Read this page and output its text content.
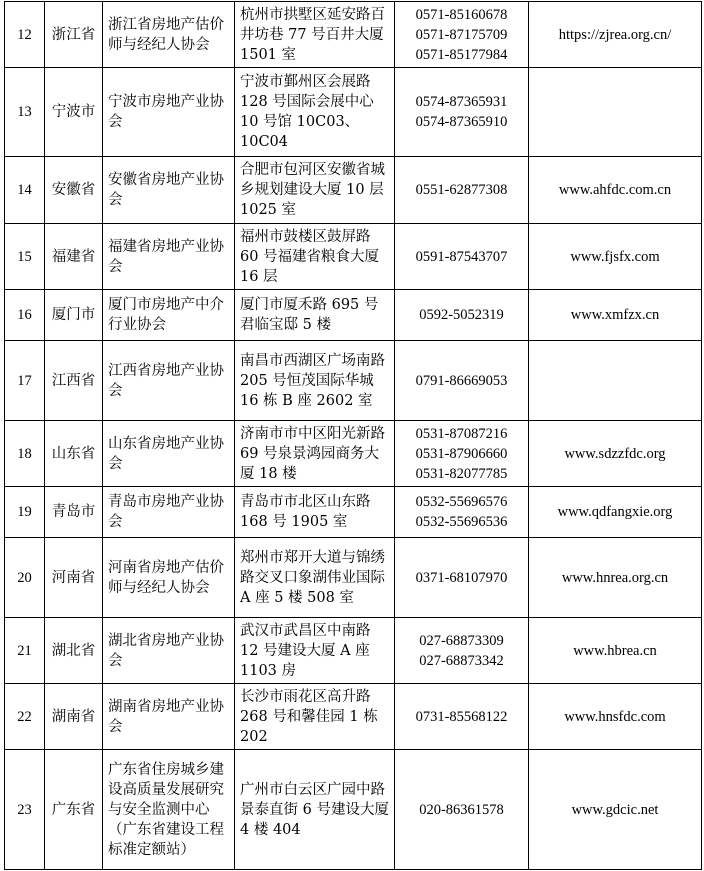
12	浙江省	浙江省房地产估价师与经纪人协会	杭州市拱墅区延安路百井坊巷 77 号百井大厦 1501 室	0571-85160678
0571-87175709
0571-85177984	https://zjrea.org.cn/
13	宁波市	宁波市房地产业协会	宁波市鄞州区会展路 128 号国际会展中心 10 号馆 10C03、10C04	0574-87365931
0574-87365910	

14	安徽省	安徽省房地产业协会	合肥市包河区安徽省城乡规划建设大厦 10 层 1025 室	0551-62877308	www.ahfdc.com.cn
15	福建省	福建省房地产业协会	福州市鼓楼区鼓屏路 60 号福建省粮食大厦 16 层	0591-87543707	www.fjsfx.com
16	厦门市	厦门市房地产中介行业协会	厦门市厦禾路 695 号君临宝邸 5 楼	0592-5052319	www.xmfzx.cn
17	江西省	江西省房地产业协会	南昌市西湖区广场南路 205 号恒茂国际华城 16 栋 B 座 2602 室	0791-86669053	

18	山东省	山东省房地产业协会	济南市市中区阳光新路 69 号泉景鸿园商务大厦 18 楼	0531-87087216
0531-87906660
0531-82077785	www.sdzzfdc.org
19	青岛市	青岛市房地产业协会	青岛市市北区山东路 168 号 1905 室	0532-55696576
0532-55696536	www.qdfangxie.org
20	河南省	河南省房地产估价师与经纪人协会	郑州市郑开大道与锦绣路交叉口象湖伟业国际 A 座 5 楼 508 室	0371-68107970	www.hnrea.org.cn
21	湖北省	湖北省房地产业协会	武汉市武昌区中南路 12 号建设大厦 A 座 1103 房	027-68873309
027-68873342	www.hbrea.cn
22	湖南省	湖南省房地产业协会	长沙市雨花区高升路 268 号和馨佳园 1 栋 202	0731-85568122	www.hnsfdc.com
23	广东省	广东省住房城乡建设高质量发展研究与安全监测中心（广东省建设工程标准定额站）	广州市白云区广园中路景泰直街 6 号建设大厦 4 楼 404	020-86361578	www.gdcic.net
